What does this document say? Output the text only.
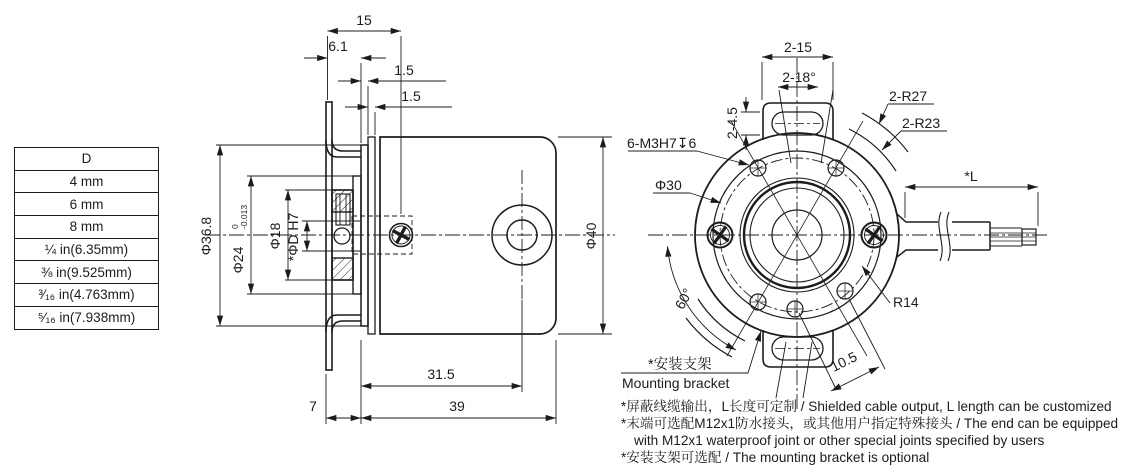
D
4 mm
6 mm
8 mm
¼ in(6.35mm)
⅜ in(9.525mm)
³⁄₁₆ in(4.763mm)
⁵⁄₁₆ in(7.938mm)
15
6.1
1.5
1.5
Φ36.8
Φ24
0 -0.013
Φ18 *ΦD H7	Φ40
31.5
7	39
2-15
2-18°
2-4.5
6-M3H7↧6
Φ30
2-R27
2-R23
R14
*L
60°
10.5
*安装支架
Mounting bracket
*屏蔽线缆输出，L长度可定制 / Shielded cable output, L length can be customized
*末端可选配M12x1防水接头，或其他用户指定特殊接头 / The end can be equipped
with M12x1 waterproof joint or other special joints specified by users
*安装支架可选配 / The mounting bracket is optional
